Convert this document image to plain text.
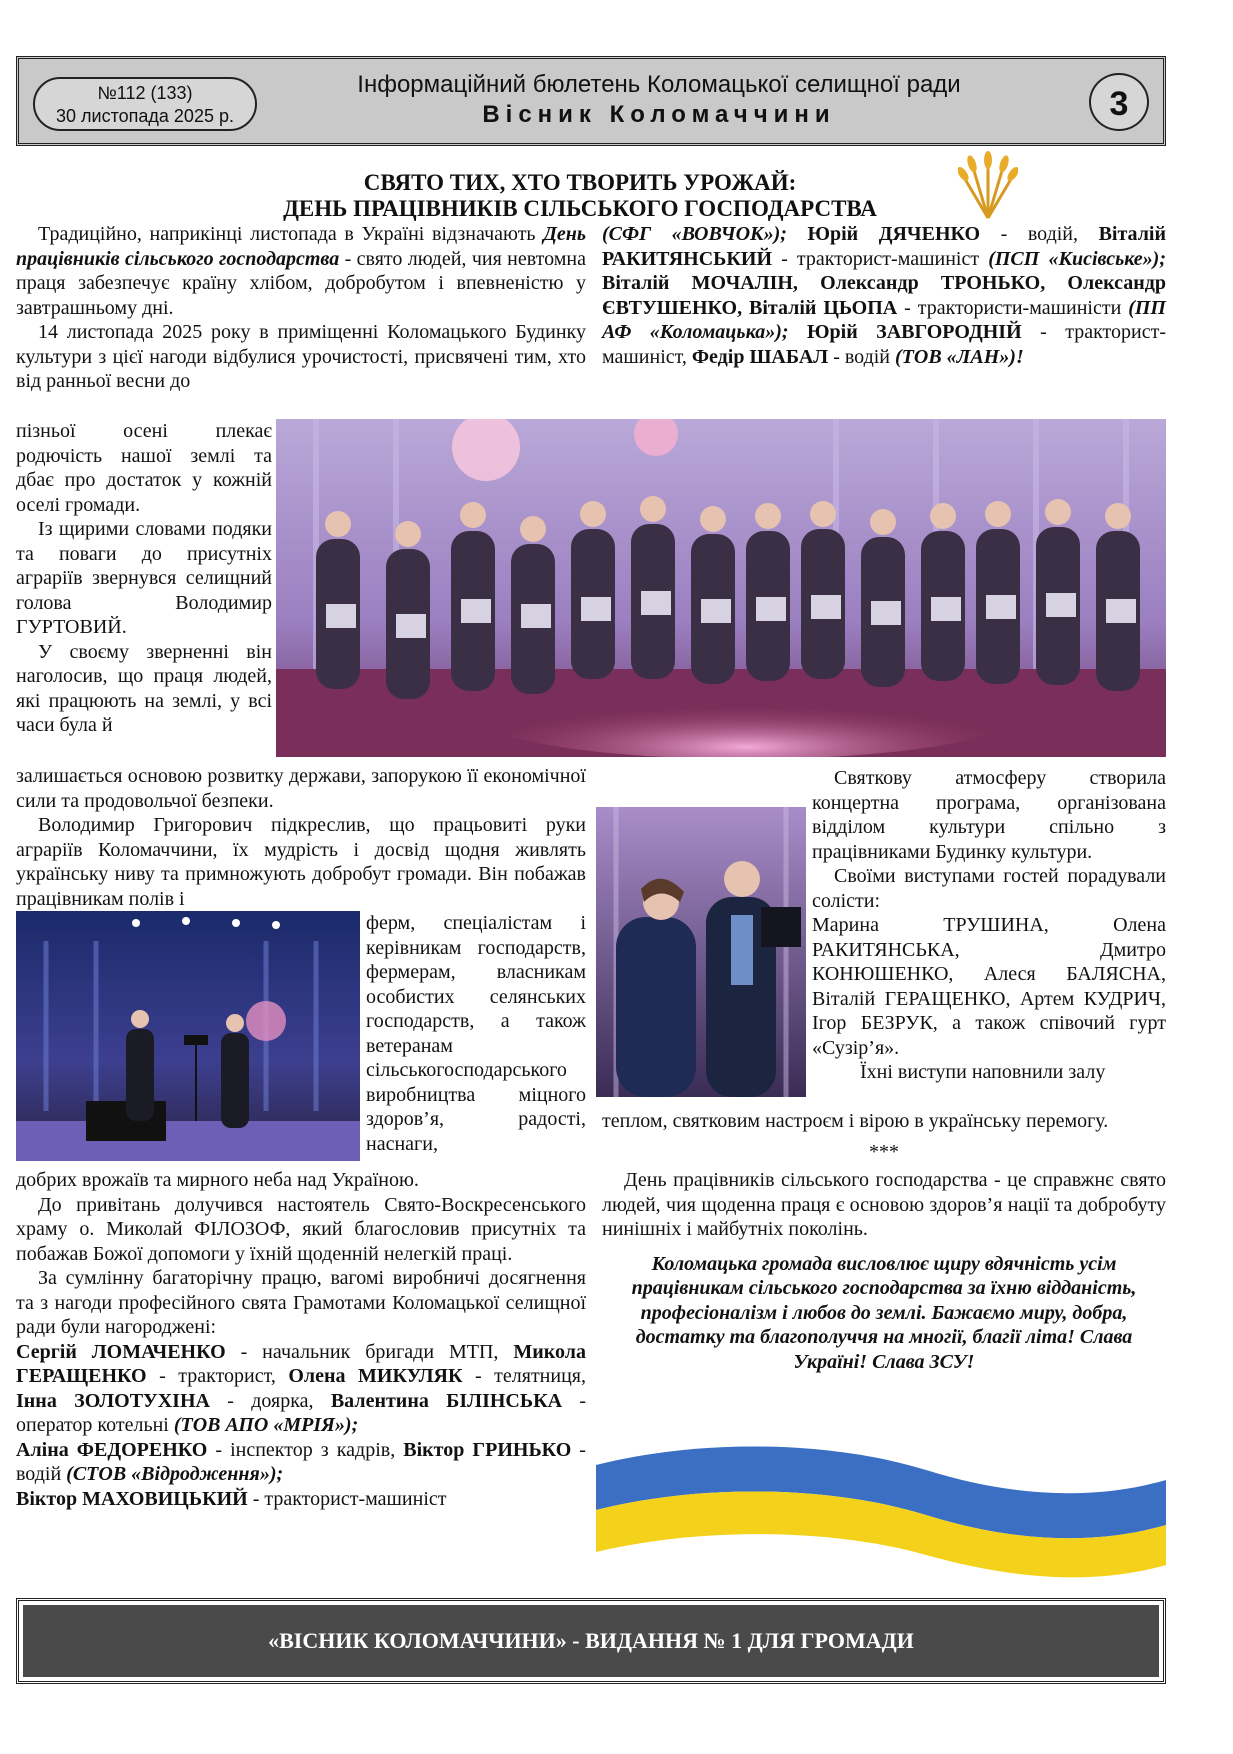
№112 (133)
30 листопада 2025 р.
Інформаційний бюлетень Коломацької селищної ради
Вісник Коломаччини	3
СВЯТО ТИХ, ХТО ТВОРИТЬ УРОЖАЙ:
ДЕНЬ ПРАЦІВНИКІВ СІЛЬСЬКОГО ГОСПОДАРСТВА

Традиційно, наприкінці листопада в Україні відзначають День працівників сільського господарства - свято людей, чия невтомна праця забезпечує країну хлібом, добробутом і впевненістю у завтрашньому дні.

14 листопада 2025 року в приміщенні Коломацького Будинку культури з цієї нагоди відбулися урочистості, присвячені тим, хто від ранньої весни до

пізньої осені плекає родючість нашої землі та дбає про достаток у кожній оселі громади.

Із щирими словами подяки та поваги до присутніх аграріїв звернувся селищний голова Володимир ГУРТОВИЙ.

У своєму зверненні він наголосив, що праця людей, які працюють на землі, у всі часи була й

залишається основою розвитку держави, запорукою її економічної сили та продовольчої безпеки.

Володимир Григорович підкреслив, що працьовиті руки аграріїв Коломаччини, їх мудрість і досвід щодня живлять українську ниву та примножують добробут громади. Він побажав працівникам полів і

ферм, спеціалістам і керівникам господарств, фермерам, власникам особистих селянських господарств, а також ветеранам сільськогосподарського виробництва міцного здоров’я, радості, наснаги,

добрих врожаїв та мирного неба над Україною.

До привітань долучився настоятель Свято-Воскресенського храму о. Миколай ФІЛОЗОФ, який благословив присутніх та побажав Божої допомоги у їхній щоденній нелегкій праці.

За сумлінну багаторічну працю, вагомі виробничі досягнення та з нагоди професійного свята Грамотами Коломацької селищної ради були нагороджені:

Сергій ЛОМАЧЕНКО - начальник бригади МТП, Микола ГЕРАЩЕНКО - тракторист, Олена МИКУЛЯК - телятниця, Інна ЗОЛОТУХІНА - доярка, Валентина БІЛІНСЬКА - оператор котельні (ТОВ АПО «МРІЯ»);
Аліна ФЕДОРЕНКО - інспектор з кадрів, Віктор ГРИНЬКО - водій (СТОВ «Відродження»);
Віктор МАХОВИЦЬКИЙ - тракторист-машиніст

(СФГ «ВОВЧОК»); Юрій ДЯЧЕНКО - водій, Віталій РАКИТЯНСЬКИЙ - тракторист-машиніст (ПСП «Кисівське»); Віталій МОЧАЛІН, Олександр ТРОНЬКО, Олександр ЄВТУШЕНКО, Віталій ЦЬОПА - трактористи-машиністи (ПП АФ «Коломацька»); Юрій ЗАВГОРОДНІЙ - тракторист-машиніст, Федір ШАБАЛ - водій (ТОВ «ЛАН»)!

Святкову атмосферу створила концертна програма, організована відділом культури спільно з працівниками Будинку культури.

Своїми виступами гостей порадували солісти:

Марина ТРУШИНА, Олена РАКИТЯНСЬКА, Дмитро КОНЮШЕНКО, Алеся БАЛЯСНА, Віталій ГЕРАЩЕНКО, Артем КУДРИЧ, Ігор БЕЗРУК, а також співочий гурт «Сузір’я».

Їхні виступи наповнили залу

теплом, святковим настроєм і вірою в українську перемогу.

***

День працівників сільського господарства - це справжнє свято людей, чия щоденна праця є основою здоров’я нації та добробуту нинішніх і майбутніх поколінь.

Коломацька громада висловлює щиру вдячність усім працівникам сільського господарства за їхню відданість, професіоналізм і любов до землі. Бажаємо миру, добра, достатку та благополуччя на многії, благії літа! Слава Україні! Слава ЗСУ!

«ВІСНИК КОЛОМАЧЧИНИ» - ВИДАННЯ № 1 ДЛЯ ГРОМАДИ
